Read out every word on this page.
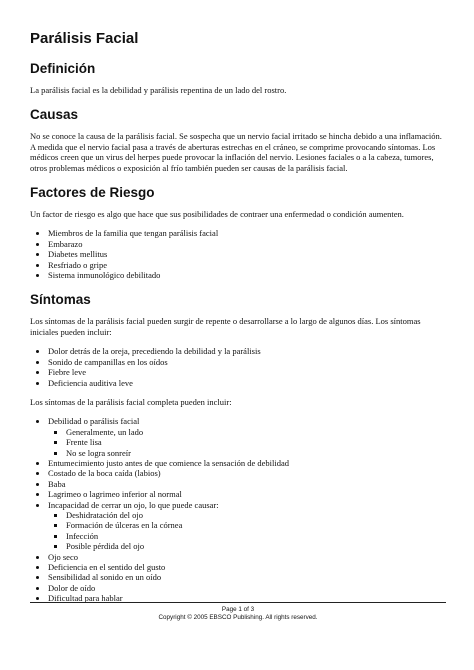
Parálisis Facial
Definición

La parálisis facial es la debilidad y parálisis repentina de un lado del rostro.

Causas

No se conoce la causa de la parálisis facial. Se sospecha que un nervio facial irritado se hincha debido a una inflamación. A medida que el nervio facial pasa a través de aberturas estrechas en el cráneo, se comprime provocando síntomas. Los médicos creen que un virus del herpes puede provocar la inflación del nervio. Lesiones faciales o a la cabeza, tumores, otros problemas médicos o exposición al frío también pueden ser causas de la parálisis facial.

Factores de Riesgo

Un factor de riesgo es algo que hace que sus posibilidades de contraer una enfermedad o condición aumenten.

• Miembros de la familia que tengan parálisis facial
• Embarazo
• Diabetes mellitus
• Resfriado o gripe
• Sistema inmunológico debilitado
Síntomas

Los síntomas de la parálisis facial pueden surgir de repente o desarrollarse a lo largo de algunos días. Los síntomas iniciales pueden incluir:

• Dolor detrás de la oreja, precediendo la debilidad y la parálisis
• Sonido de campanillas en los oídos
• Fiebre leve
• Deficiencia auditiva leve

Los síntomas de la parálisis facial completa pueden incluir:

• Debilidad o parálisis facial
▪ Generalmente, un lado
▪ Frente lisa
▪ No se logra sonreír
• Entumecimiento justo antes de que comience la sensación de debilidad
• Costado de la boca caída (labios)
• Baba
• Lagrimeo o lagrimeo inferior al normal
• Incapacidad de cerrar un ojo, lo que puede causar:
▪ Deshidratación del ojo
▪ Formación de úlceras en la córnea
▪ Infección
▪ Posible pérdida del ojo
• Ojo seco
• Deficiencia en el sentido del gusto
• Sensibilidad al sonido en un oído
• Dolor de oído
• Dificultad para hablar
Page 1 of 3
Copyright © 2005 EBSCO Publishing. All rights reserved.
